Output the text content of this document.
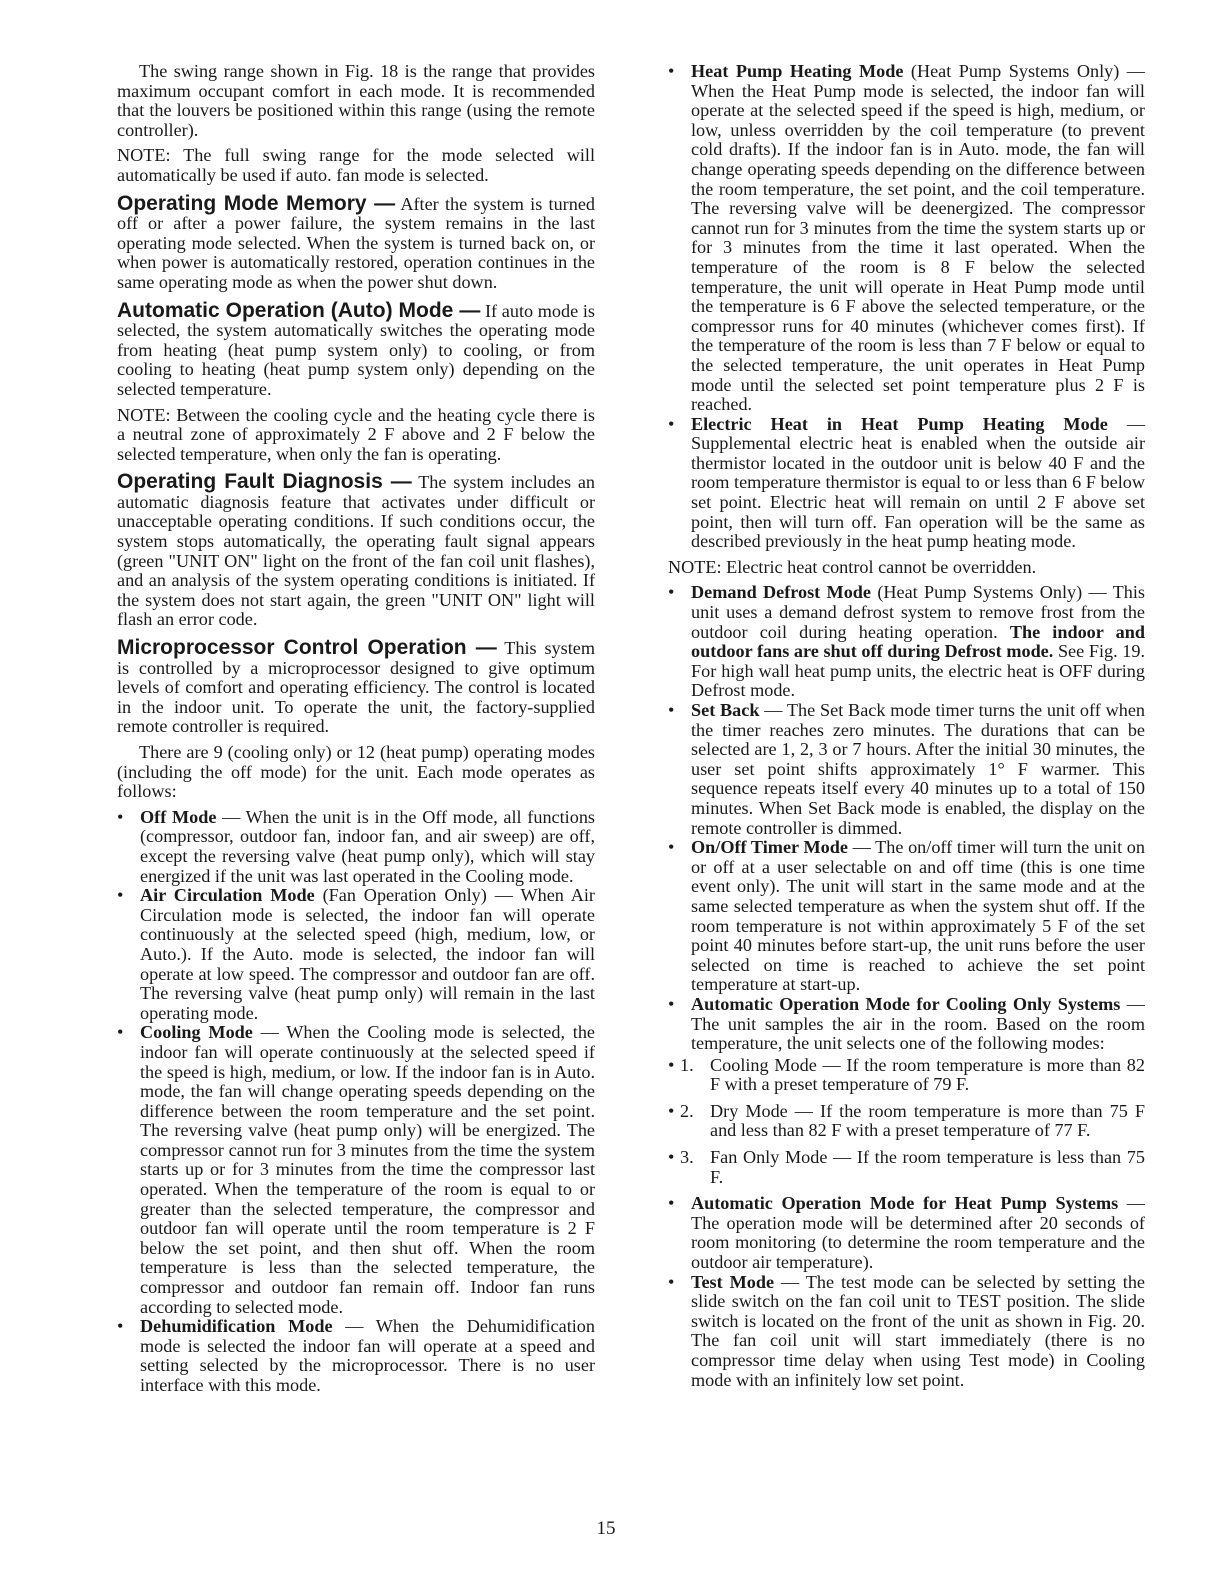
The swing range shown in Fig. 18 is the range that provides maximum occupant comfort in each mode. It is recommended that the louvers be positioned within this range (using the remote controller).

NOTE: The full swing range for the mode selected will automatically be used if auto. fan mode is selected.

Operating Mode Memory — After the system is turned off or after a power failure, the system remains in the last operating mode selected. When the system is turned back on, or when power is automatically restored, operation continues in the same operating mode as when the power shut down.

Automatic Operation (Auto) Mode — If auto mode is selected, the system automatically switches the operating mode from heating (heat pump system only) to cooling, or from cooling to heating (heat pump system only) depending on the selected temperature.

NOTE: Between the cooling cycle and the heating cycle there is a neutral zone of approximately 2 F above and 2 F below the selected temperature, when only the fan is operating.

Operating Fault Diagnosis — The system includes an automatic diagnosis feature that activates under difficult or unacceptable operating conditions. If such conditions occur, the system stops automatically, the operating fault signal appears (green "UNIT ON" light on the front of the fan coil unit flashes), and an analysis of the system operating conditions is initiated. If the system does not start again, the green "UNIT ON" light will flash an error code.

Microprocessor Control Operation — This system is controlled by a microprocessor designed to give optimum levels of comfort and operating efficiency. The control is located in the indoor unit. To operate the unit, the factory-supplied remote controller is required.

There are 9 (cooling only) or 12 (heat pump) operating modes (including the off mode) for the unit. Each mode operates as follows:

• Off Mode — When the unit is in the Off mode, all functions (compressor, outdoor fan, indoor fan, and air sweep) are off, except the reversing valve (heat pump only), which will stay energized if the unit was last operated in the Cooling mode.
• Air Circulation Mode (Fan Operation Only) — When Air Circulation mode is selected, the indoor fan will operate continuously at the selected speed (high, medium, low, or Auto.). If the Auto. mode is selected, the indoor fan will operate at low speed. The compressor and outdoor fan are off. The reversing valve (heat pump only) will remain in the last operating mode.
• Cooling Mode — When the Cooling mode is selected, the indoor fan will operate continuously at the selected speed if the speed is high, medium, or low. If the indoor fan is in Auto. mode, the fan will change operating speeds depending on the difference between the room temperature and the set point. The reversing valve (heat pump only) will be energized. The compressor cannot run for 3 minutes from the time the system starts up or for 3 minutes from the time the compressor last operated. When the temperature of the room is equal to or greater than the selected temperature, the compressor and outdoor fan will operate until the room temperature is 2 F below the set point, and then shut off. When the room temperature is less than the selected temperature, the compressor and outdoor fan remain off. Indoor fan runs according to selected mode.
• Dehumidification Mode — When the Dehumidification mode is selected the indoor fan will operate at a speed and setting selected by the microprocessor. There is no user interface with this mode.
• Heat Pump Heating Mode (Heat Pump Systems Only) — When the Heat Pump mode is selected, the indoor fan will operate at the selected speed if the speed is high, medium, or low, unless overridden by the coil temperature (to prevent cold drafts). If the indoor fan is in Auto. mode, the fan will change operating speeds depending on the difference between the room temperature, the set point, and the coil temperature. The reversing valve will be deenergized. The compressor cannot run for 3 minutes from the time the system starts up or for 3 minutes from the time it last operated. When the temperature of the room is 8 F below the selected temperature, the unit will operate in Heat Pump mode until the temperature is 6 F above the selected temperature, or the compressor runs for 40 minutes (whichever comes first). If the temperature of the room is less than 7 F below or equal to the selected temperature, the unit operates in Heat Pump mode until the selected set point temperature plus 2 F is reached.
• Electric Heat in Heat Pump Heating Mode — Supplemental electric heat is enabled when the outside air thermistor located in the outdoor unit is below 40 F and the room temperature thermistor is equal to or less than 6 F below set point. Electric heat will remain on until 2 F above set point, then will turn off. Fan operation will be the same as described previously in the heat pump heating mode.

NOTE: Electric heat control cannot be overridden.

• Demand Defrost Mode (Heat Pump Systems Only) — This unit uses a demand defrost system to remove frost from the outdoor coil during heating operation. The indoor and outdoor fans are shut off during Defrost mode. See Fig. 19. For high wall heat pump units, the electric heat is OFF during Defrost mode.
• Set Back — The Set Back mode timer turns the unit off when the timer reaches zero minutes. The durations that can be selected are 1, 2, 3 or 7 hours. After the initial 30 minutes, the user set point shifts approximately 1° F warmer. This sequence repeats itself every 40 minutes up to a total of 150 minutes. When Set Back mode is enabled, the display on the remote controller is dimmed.
• On/Off Timer Mode — The on/off timer will turn the unit on or off at a user selectable on and off time (this is one time event only). The unit will start in the same mode and at the same selected temperature as when the system shut off. If the room temperature is not within approximately 5 F of the set point 40 minutes before start-up, the unit runs before the user selected on time is reached to achieve the set point temperature at start-up.
• Automatic Operation Mode for Cooling Only Systems — The unit samples the air in the room. Based on the room temperature, the unit selects one of the following modes:
• 1. Cooling Mode — If the room temperature is more than 82 F with a preset temperature of 79 F.
• 2. Dry Mode — If the room temperature is more than 75 F and less than 82 F with a preset temperature of 77 F.
• 3. Fan Only Mode — If the room temperature is less than 75 F.
• Automatic Operation Mode for Heat Pump Systems — The operation mode will be determined after 20 seconds of room monitoring (to determine the room temperature and the outdoor air temperature).
• Test Mode — The test mode can be selected by setting the slide switch on the fan coil unit to TEST position. The slide switch is located on the front of the unit as shown in Fig. 20. The fan coil unit will start immediately (there is no compressor time delay when using Test mode) in Cooling mode with an infinitely low set point.
15
